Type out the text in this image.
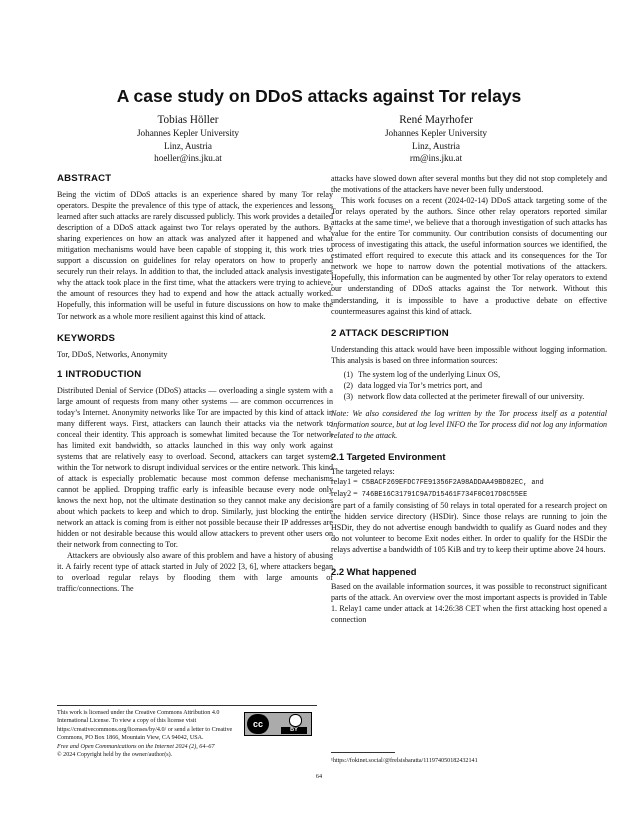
A case study on DDoS attacks against Tor relays
Tobias Höller
Johannes Kepler University
Linz, Austria
hoeller@ins.jku.at
René Mayrhofer
Johannes Kepler University
Linz, Austria
rm@ins.jku.at
ABSTRACT

Being the victim of DDoS attacks is an experience shared by many Tor relay operators. Despite the prevalence of this type of attack, the experiences and lessons learned after such attacks are rarely discussed publicly. This work provides a detailed description of a DDoS attack against two Tor relays operated by the authors. By sharing experiences on how an attack was analyzed after it happened and what mitigation mechanisms would have been capable of stopping it, this work tries to support a discussion on guidelines for relay operators on how to properly and securely run their relays. In addition to that, the included attack analysis investigates why the attack took place in the first time, what the attackers were trying to achieve, the amount of resources they had to expend and how the attack actually worked. Hopefully, this information will be useful in future discussions on how to make the Tor network as a whole more resilient against this kind of attack.

KEYWORDS

Tor, DDoS, Networks, Anonymity

1 INTRODUCTION

Distributed Denial of Service (DDoS) attacks — overloading a single system with a large amount of requests from many other systems — are common occurrences in today’s Internet. Anonymity networks like Tor are impacted by this kind of attack in many different ways. First, attackers can launch their attacks via the network to conceal their identity. This approach is somewhat limited because the Tor network has limited exit bandwidth, so attacks launched in this way only work against systems that are relatively easy to overload. Second, attackers can target systems within the Tor network to disrupt individual services or the entire network. This kind of attack is especially problematic because most common defense mechanisms cannot be applied. Dropping traffic early is infeasible because every node only knows the next hop, not the ultimate destination so they cannot make any decisions about which packets to keep and which to drop. Similarly, just blocking the entire network an attack is coming from is either not possible because their IP addresses are hidden or not desirable because this would allow attackers to prevent other users on their network from connecting to Tor.

Attackers are obviously also aware of this problem and have a history of abusing it. A fairly recent type of attack started in July of 2022 [3, 6], where attackers began to overload regular relays by flooding them with large amounts of traffic/connections. The

This work is licensed under the Creative Commons Attribution 4.0 International License. To view a copy of this license visit https://creativecommons.org/licenses/by/4.0/ or send a letter to Creative Commons, PO Box 1866, Mountain View, CA 94042, USA.
Free and Open Communications on the Internet 2024 (2), 64–67
© 2024 Copyright held by the owner/author(s).
cc
BY

attacks have slowed down after several months but they did not stop completely and the motivations of the attackers have never been fully understood.

This work focuses on a recent (2024-02-14) DDoS attack targeting some of the Tor relays operated by the authors. Since other relay operators reported similar attacks at the same time¹, we believe that a thorough investigation of such attacks has value for the entire Tor community. Our contribution consists of documenting our process of investigating this attack, the useful information sources we identified, the estimated effort required to execute this attack and its consequences for the Tor network we hope to narrow down the potential motivations of the attackers. Hopefully, this information can be augmented by other Tor relay operators to extend our understanding of DDoS attacks against the Tor network. Without this understanding, it is impossible to have a productive debate on effective countermeasures against this kind of attack.

2 ATTACK DESCRIPTION

Understanding this attack would have been impossible without logging information. This analysis is based on three information sources:

(1) The system log of the underlying Linux OS,
(2) data logged via Tor’s metrics port, and
(3) network flow data collected at the perimeter firewall of our university.

Note: We also considered the log written by the Tor process itself as a potential information source, but at log level INFO the Tor process did not log any information related to the attack.

2.1 Targeted Environment

The targeted relays:

relay1 = C5BACF269EFDC7FE91356F2A98ADDAA49BD82EC, and
relay2 = 746BE16C31791C9A7D15461F734F0C017D0C55EE

are part of a family consisting of 50 relays in total operated for a research project on the hidden service directory (HSDir). Since those relays are running to join the HSDir, they do not advertise enough bandwidth to qualify as Guard nodes and they do not volunteer to become Exit nodes either. In order to qualify for the HSDir the relays advertise a bandwidth of 105 KiB and try to keep their uptime above 24 hours.

2.2 What happened

Based on the available information sources, it was possible to reconstruct significant parts of the attack. An overview over the most important aspects is provided in Table 1. Relay1 came under attack at 14:26:38 CET when the first attacking host opened a connection

¹https://fokinet.social/@frelsisbaratta/111974050182432141
64
